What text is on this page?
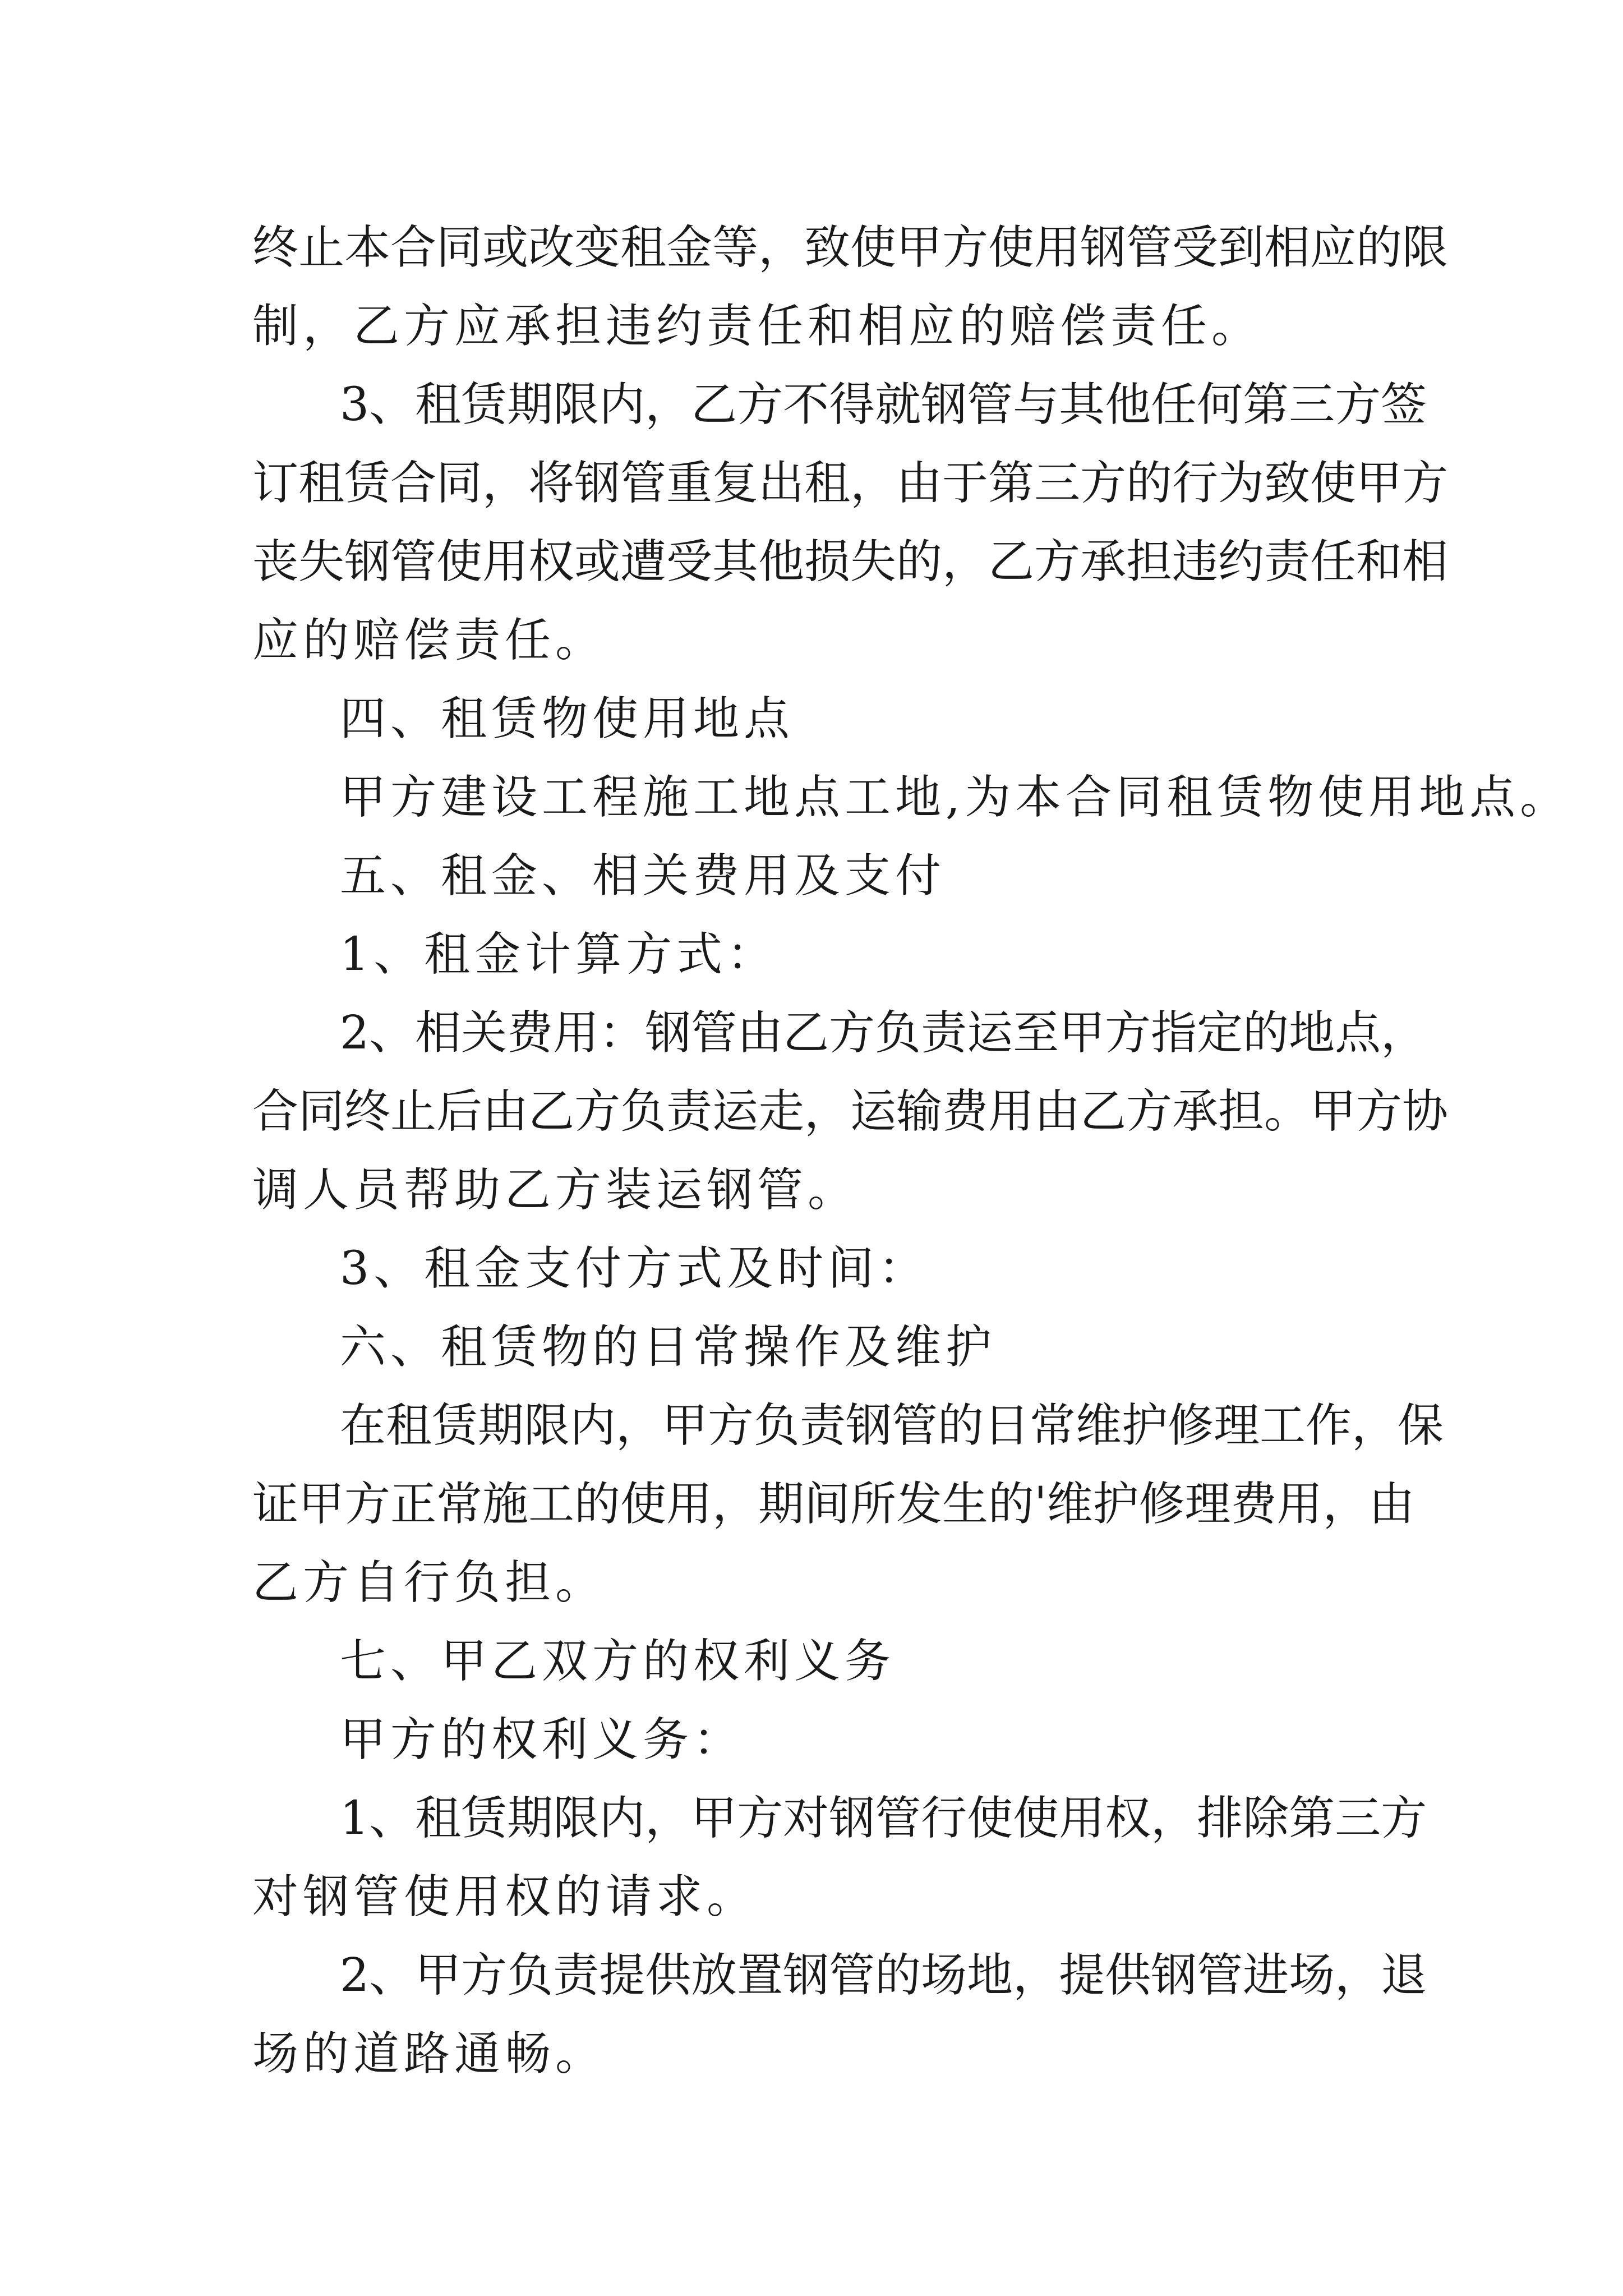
终止本合同或改变租金等，致使甲方使用钢管受到相应的限
制，乙方应承担违约责任和相应的赔偿责任。
3、租赁期限内，乙方不得就钢管与其他任何第三方签
订租赁合同，将钢管重复出租，由于第三方的行为致使甲方
丧失钢管使用权或遭受其他损失的，乙方承担违约责任和相
应的赔偿责任。
四、租赁物使用地点
甲方建设工程施工地点工地,为本合同租赁物使用地点。
五、租金、相关费用及支付
1、租金计算方式：
2、相关费用：钢管由乙方负责运至甲方指定的地点，
合同终止后由乙方负责运走，运输费用由乙方承担。甲方协
调人员帮助乙方装运钢管。
3、租金支付方式及时间：
六、租赁物的日常操作及维护
在租赁期限内，甲方负责钢管的日常维护修理工作，保
证甲方正常施工的使用，期间所发生的'维护修理费用，由
乙方自行负担。
七、甲乙双方的权利义务
甲方的权利义务：
1、租赁期限内，甲方对钢管行使使用权，排除第三方
对钢管使用权的请求。
2、甲方负责提供放置钢管的场地，提供钢管进场，退
场的道路通畅。
